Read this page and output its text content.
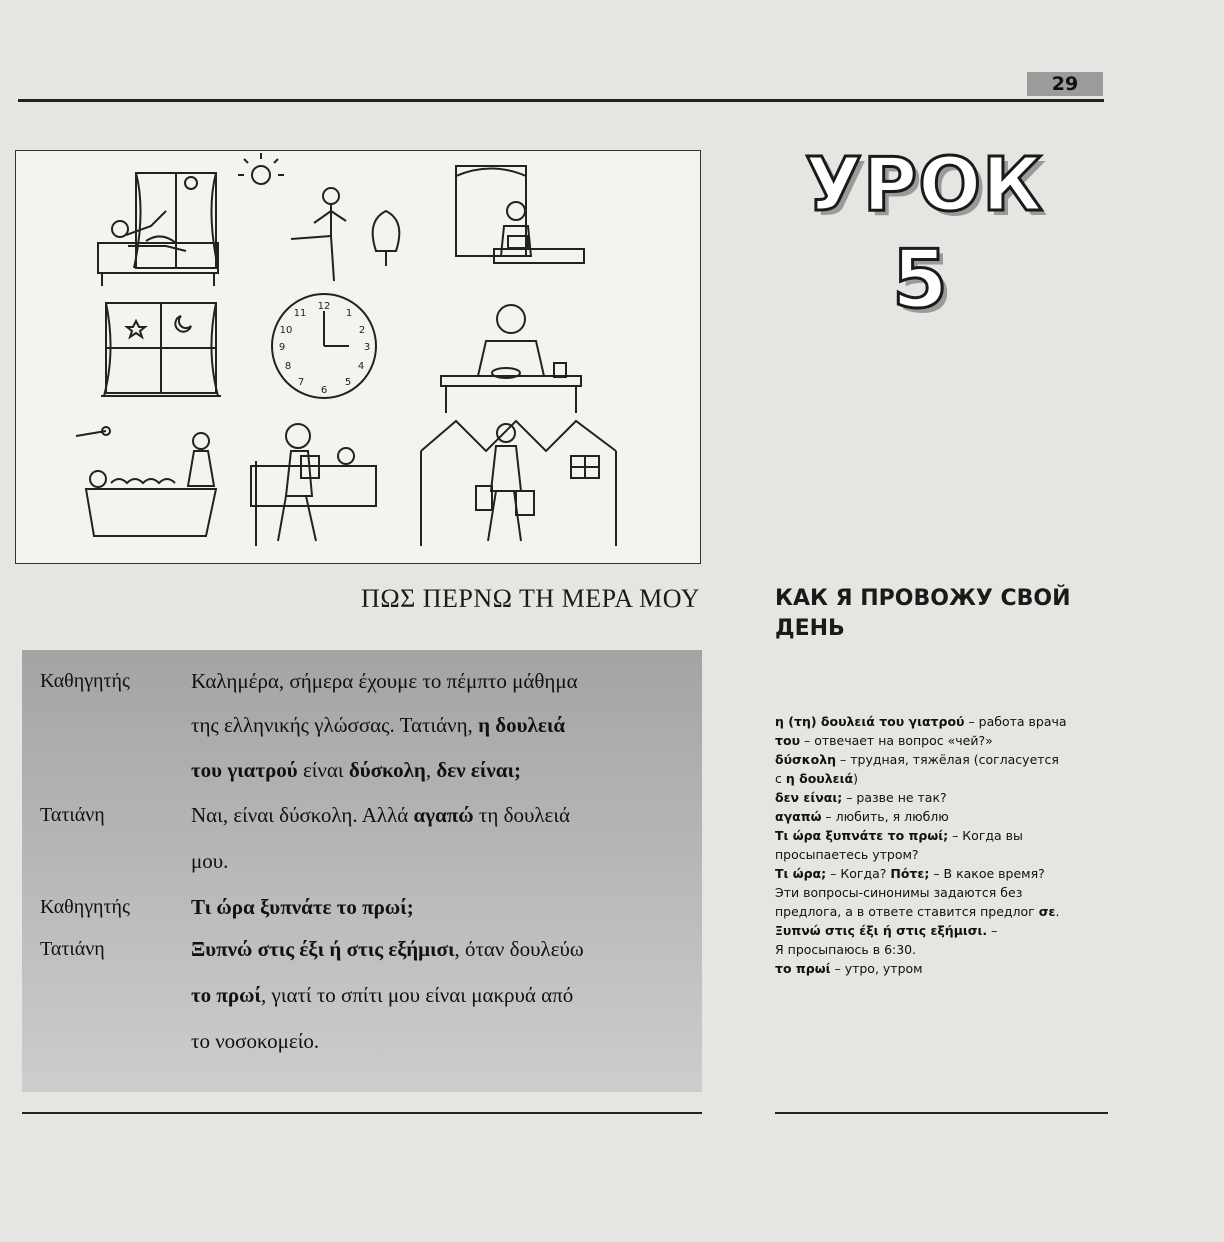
29
12
1
2
3
4
5
6
7
8
9
10
11
УРОК
5
ΠΩΣ ΠΕΡΝΩ ΤΗ ΜΕΡΑ ΜΟΥ	КАК Я ПРОВОЖУ СВОЙ
ДЕНЬ
Καθηγητής
Τατιάνη
Καθηγητής
Τατιάνη
Καλημέρα, σήμερα έχουμε το πέμπτο μάθημα
της ελληνικής γλώσσας. Τατιάνη, η δουλειά
του γιατρού είναι δύσκολη, δεν είναι;
Ναι, είναι δύσκολη. Αλλά αγαπώ τη δουλειά
μου.
Τι ώρα ξυπνάτε το πρωί;
Ξυπνώ στις έξι ή στις εξήμισι, όταν δουλεύω
το πρωί, γιατί το σπίτι μου είναι μακρυά από
το νοσοκομείο.
η (τη) δουλειά του γιατρού – работа врача
του – отвечает на вопрос «чей?»
δύσκολη – трудная, тяжёлая (согласуется
с η δουλειά)
δεν είναι; – разве не так?
αγαπώ – любить, я люблю
Τι ώρα ξυπνάτε το πρωί; – Когда вы
просыпаетесь утром?
Τι ώρα; – Когда? Πότε; – В какое время?
Эти вопросы-синонимы задаются без
предлога, а в ответе ставится предлог σε.
Ξυπνώ στις έξι ή στις εξήμισι. –
Я просыпаюсь в 6:30.
το πρωί – утро, утром
